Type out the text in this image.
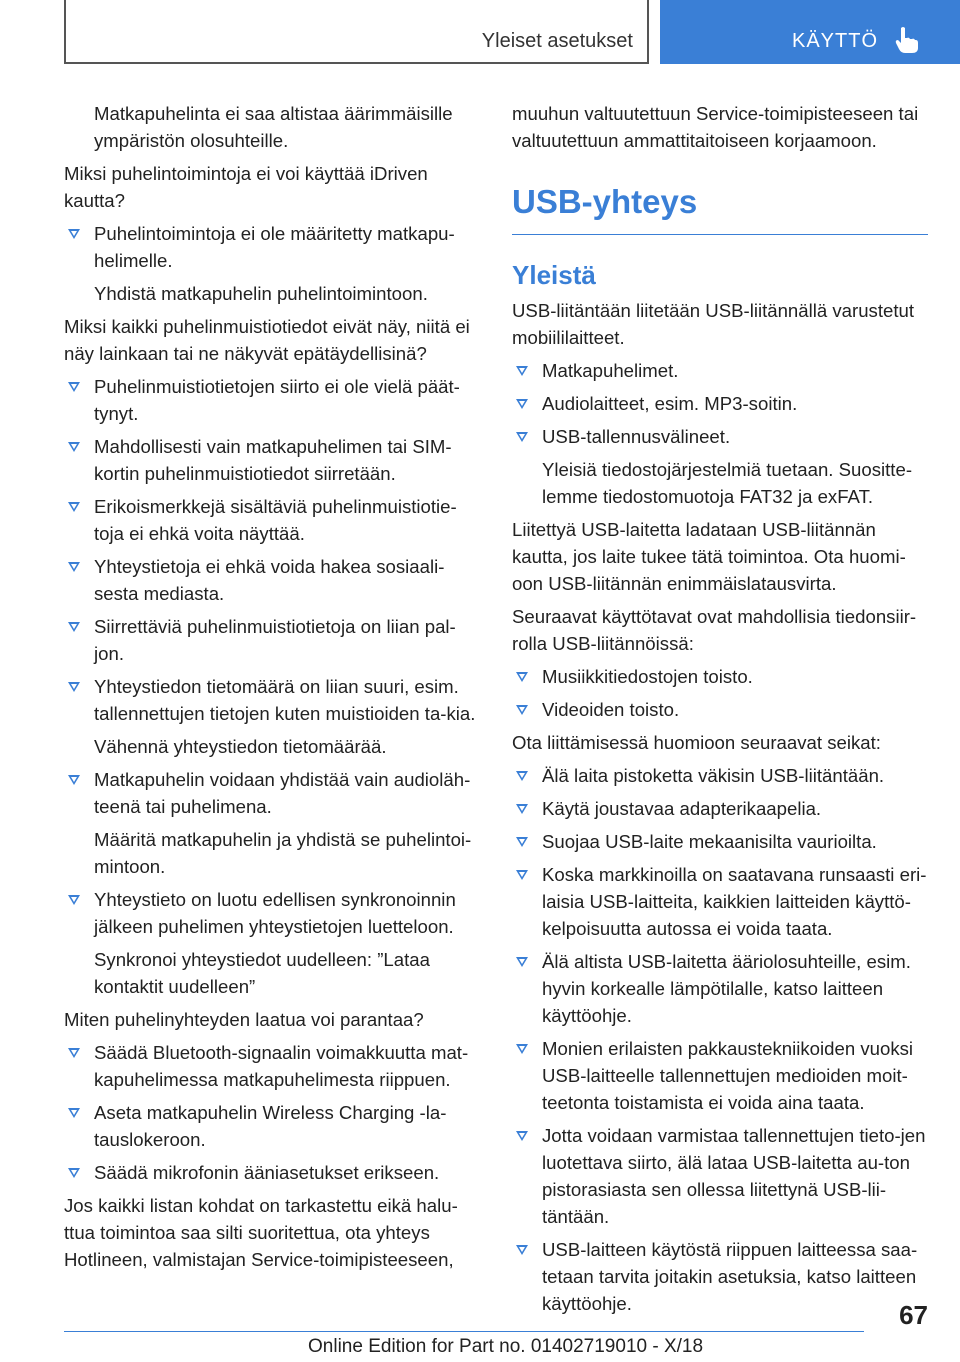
Yleiset asetukset	KÄYTTÖ

Matkapuhelinta ei saa altistaa äärimmäisille ympäristön olosuhteille.

Miksi puhelintoimintoja ei voi käyttää iDriven kautta?

Puhelintoimintoja ei ole määritetty matkapu-helimelle.

Yhdistä matkapuhelin puhelintoimintoon.

Miksi kaikki puhelinmuistiotiedot eivät näy, niitä ei näy lainkaan tai ne näkyvät epätäydellisinä?

Puhelinmuistiotietojen siirto ei ole vielä päät-tynyt.
Mahdollisesti vain matkapuhelimen tai SIM-kortin puhelinmuistiotiedot siirretään.
Erikoismerkkejä sisältäviä puhelinmuistiotie-toja ei ehkä voita näyttää.
Yhteystietoja ei ehkä voida hakea sosiaali-sesta mediasta.
Siirrettäviä puhelinmuistiotietoja on liian pal-jon.
Yhteystiedon tietomäärä on liian suuri, esim. tallennettujen tietojen kuten muistioiden ta-kia.

Vähennä yhteystiedon tietomäärää.

Matkapuhelin voidaan yhdistää vain audioläh-teenä tai puhelimena.

Määritä matkapuhelin ja yhdistä se puhelintoi-mintoon.

Yhteystieto on luotu edellisen synkronoinnin jälkeen puhelimen yhteystietojen luetteloon.

Synkronoi yhteystiedot uudelleen: ”Lataa kontaktit uudelleen”

Miten puhelinyhteyden laatua voi parantaa?

Säädä Bluetooth-signaalin voimakkuutta mat-kapuhelimessa matkapuhelimesta riippuen.
Aseta matkapuhelin Wireless Charging -la-tauslokeroon.
Säädä mikrofonin ääniasetukset erikseen.

Jos kaikki listan kohdat on tarkastettu eikä halu-ttua toimintoa saa silti suoritettua, ota yhteys Hotlineen, valmistajan Service-toimipisteeseen,

muuhun valtuutettuun Service-toimipisteeseen tai valtuutettuun ammattitaitoiseen korjaamoon.

USB-yhteys
Yleistä

USB-liitäntään liitetään USB-liitännällä varustetut mobiililaitteet.

Matkapuhelimet.
Audiolaitteet, esim. MP3-soitin.
USB-tallennusvälineet.

Yleisiä tiedostojärjestelmiä tuetaan. Suositte-lemme tiedostomuotoja FAT32 ja exFAT.

Liitettyä USB-laitetta ladataan USB-liitännän kautta, jos laite tukee tätä toimintoa. Ota huomi-oon USB-liitännän enimmäislatausvirta.

Seuraavat käyttötavat ovat mahdollisia tiedonsiir-rolla USB-liitännöissä:

Musiikkitiedostojen toisto.
Videoiden toisto.

Ota liittämisessä huomioon seuraavat seikat:

Älä laita pistoketta väkisin USB-liitäntään.
Käytä joustavaa adapterikaapelia.
Suojaa USB-laite mekaanisilta vaurioilta.
Koska markkinoilla on saatavana runsaasti eri-laisia USB-laitteita, kaikkien laitteiden käyttö-kelpoisuutta autossa ei voida taata.
Älä altista USB-laitetta ääriolosuhteille, esim. hyvin korkealle lämpötilalle, katso laitteen käyttöohje.
Monien erilaisten pakkaustekniikoiden vuoksi USB-laitteelle tallennettujen medioiden moit-teetonta toistamista ei voida aina taata.
Jotta voidaan varmistaa tallennettujen tieto-jen luotettava siirto, älä lataa USB-laitetta au-ton pistorasiasta sen ollessa liitettynä USB-lii-täntään.
USB-laitteen käytöstä riippuen laitteessa saa-tetaan tarvita joitakin asetuksia, katso laitteen käyttöohje.	67
Online Edition for Part no. 01402719010 - X/18
